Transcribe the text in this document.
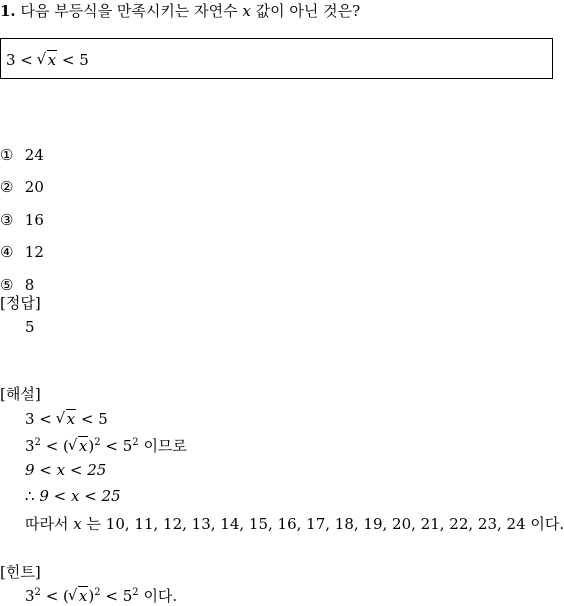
1. 다음 부등식을 만족시키는 자연수 x 값이 아닌 것은?
3 < √ x < 5
① 24
② 20
③ 16
④ 12
⑤ 8
[정답]
5
[해설]
3 < √ x < 5
$3^2$ < ( √ $x)^2 < 5^2$ 이므로
9 < x < 25
∴ 9 < x < 25
따라서 x 는 10, 11, 12, 13, 14, 15, 16, 17, 18, 19, 20, 21, 22, 23, 24 이다.
[힌트]
$3^2$ < ( √ $x)^2 < 5^2$ 이다.
